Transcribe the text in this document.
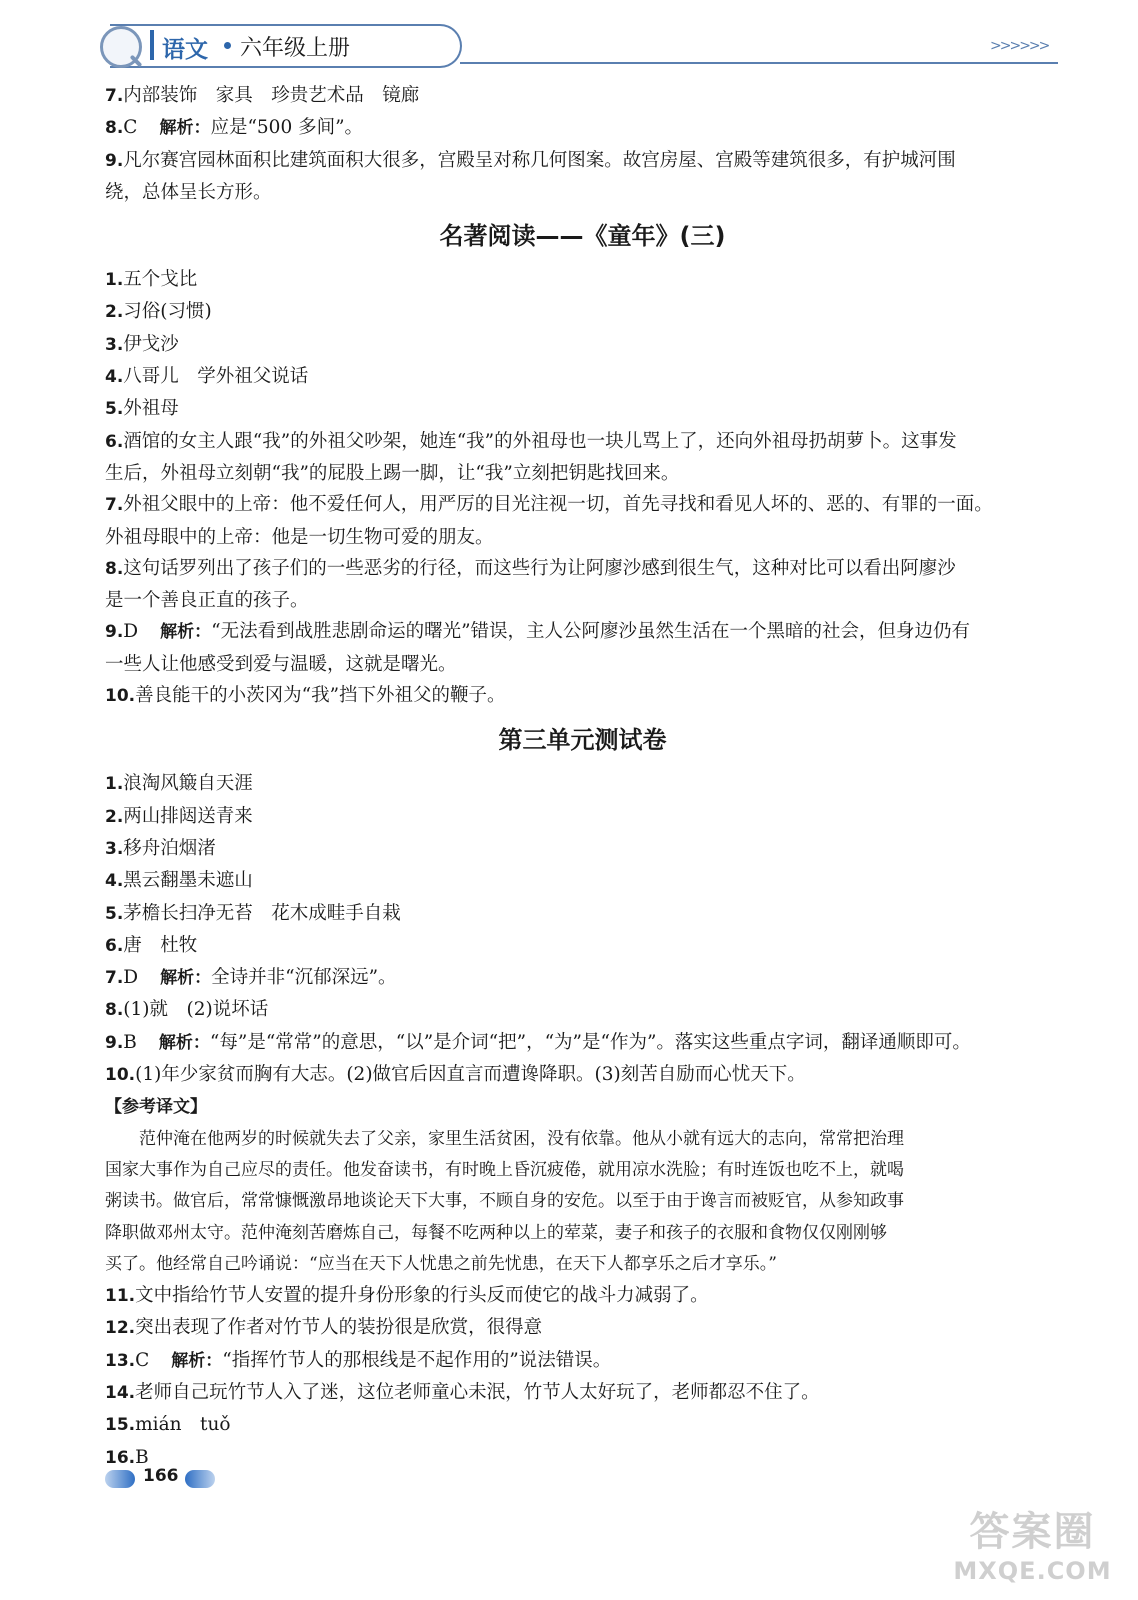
语文 六年级上册	>>>>>>
7.内部装饰　家具　珍贵艺术品　镜廊
8.C 解析：应是“500 多间”。
9.凡尔赛宫园林面积比建筑面积大很多，宫殿呈对称几何图案。故宫房屋、宫殿等建筑很多，有护城河围
绕，总体呈长方形。
名著阅读——《童年》(三)
1.五个戈比
2.习俗(习惯)
3.伊戈沙
4.八哥儿　学外祖父说话
5.外祖母
6.酒馆的女主人跟“我”的外祖父吵架，她连“我”的外祖母也一块儿骂上了，还向外祖母扔胡萝卜。这事发
生后，外祖母立刻朝“我”的屁股上踢一脚，让“我”立刻把钥匙找回来。
7.外祖父眼中的上帝：他不爱任何人，用严厉的目光注视一切，首先寻找和看见人坏的、恶的、有罪的一面。
外祖母眼中的上帝：他是一切生物可爱的朋友。
8.这句话罗列出了孩子们的一些恶劣的行径，而这些行为让阿廖沙感到很生气，这种对比可以看出阿廖沙
是一个善良正直的孩子。
9.D 解析：“无法看到战胜悲剧命运的曙光”错误，主人公阿廖沙虽然生活在一个黑暗的社会，但身边仍有
一些人让他感受到爱与温暖，这就是曙光。
10.善良能干的小茨冈为“我”挡下外祖父的鞭子。
第三单元测试卷
1.浪淘风簸自天涯
2.两山排闼送青来
3.移舟泊烟渚
4.黑云翻墨未遮山
5.茅檐长扫净无苔　花木成畦手自栽
6.唐　杜牧
7.D 解析：全诗并非“沉郁深远”。
8.(1)就　(2)说坏话
9.B 解析：“每”是“常常”的意思，“以”是介词“把”，“为”是“作为”。落实这些重点字词，翻译通顺即可。
10.(1)年少家贫而胸有大志。(2)做官后因直言而遭谗降职。(3)刻苦自励而心忧天下。
【参考译文】
范仲淹在他两岁的时候就失去了父亲，家里生活贫困，没有依靠。他从小就有远大的志向，常常把治理
国家大事作为自己应尽的责任。他发奋读书，有时晚上昏沉疲倦，就用凉水洗脸；有时连饭也吃不上，就喝
粥读书。做官后，常常慷慨激昂地谈论天下大事，不顾自身的安危。以至于由于谗言而被贬官，从参知政事
降职做邓州太守。范仲淹刻苦磨炼自己，每餐不吃两种以上的荤菜，妻子和孩子的衣服和食物仅仅刚刚够
买了。他经常自己吟诵说：“应当在天下人忧患之前先忧患，在天下人都享乐之后才享乐。”
11.文中指给竹节人安置的提升身份形象的行头反而使它的战斗力减弱了。
12.突出表现了作者对竹节人的装扮很是欣赏，很得意
13.C 解析：“指挥竹节人的那根线是不起作用的”说法错误。
14.老师自己玩竹节人入了迷，这位老师童心未泯，竹节人太好玩了，老师都忍不住了。
15.mián　tuǒ
16.B
166
答案圈
MXQE.COM
